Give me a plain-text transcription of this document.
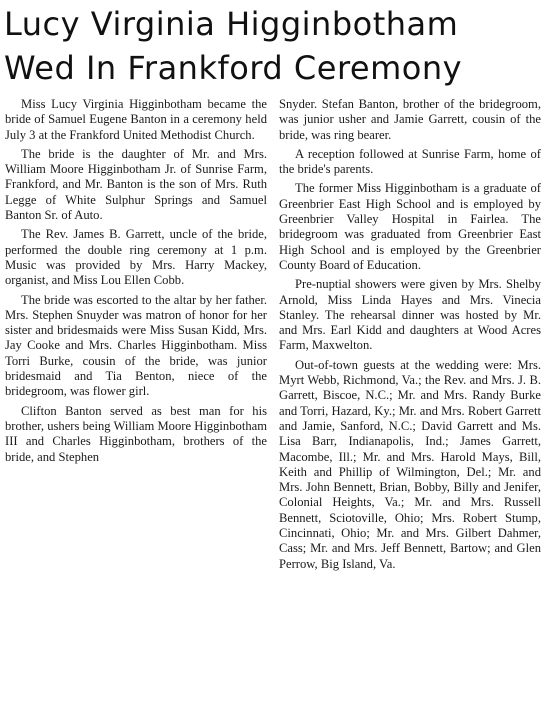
Lucy Virginia Higginbotham
Wed In Frankford Ceremony

Miss Lucy Virginia Higginbotham became the bride of Samuel Eugene Banton in a ceremony held July 3 at the Frankford United Methodist Church.

The bride is the daughter of Mr. and Mrs. William Moore Higginbotham Jr. of Sunrise Farm, Frankford, and Mr. Banton is the son of Mrs. Ruth Legge of White Sulphur Springs and Samuel Banton Sr. of Auto.

The Rev. James B. Garrett, uncle of the bride, performed the double ring ceremony at 1 p.m. Music was provided by Mrs. Harry Mackey, organist, and Miss Lou Ellen Cobb.

The bride was escorted to the altar by her father. Mrs. Stephen Snuyder was matron of honor for her sister and bridesmaids were Miss Susan Kidd, Mrs. Jay Cooke and Mrs. Charles Higginbotham. Miss Torri Burke, cousin of the bride, was junior bridesmaid and Tia Benton, niece of the bridegroom, was flower girl.

Clifton Banton served as best man for his brother, ushers being William Moore Higginbotham III and Charles Higginbotham, brothers of the bride, and Stephen

Snyder. Stefan Banton, brother of the bridegroom, was junior usher and Jamie Garrett, cousin of the bride, was ring bearer.

A reception followed at Sunrise Farm, home of the bride's parents.

The former Miss Higginbotham is a graduate of Greenbrier East High School and is employed by Greenbrier Valley Hospital in Fairlea. The bridegroom was graduated from Greenbrier East High School and is employed by the Greenbrier County Board of Education.

Pre-nuptial showers were given by Mrs. Shelby Arnold, Miss Linda Hayes and Mrs. Vinecia Stanley. The rehearsal dinner was hosted by Mr. and Mrs. Earl Kidd and daughters at Wood Acres Farm, Maxwelton.

Out-of-town guests at the wedding were: Mrs. Myrt Webb, Richmond, Va.; the Rev. and Mrs. J. B. Garrett, Biscoe, N.C.; Mr. and Mrs. Randy Burke and Torri, Hazard, Ky.; Mr. and Mrs. Robert Garrett and Jamie, Sanford, N.C.; David Garrett and Ms. Lisa Barr, Indianapolis, Ind.; James Garrett, Macombe, Ill.; Mr. and Mrs. Harold Mays, Bill, Keith and Phillip of Wilmington, Del.; Mr. and Mrs. John Bennett, Brian, Bobby, Billy and Jenifer, Colonial Heights, Va.; Mr. and Mrs. Russell Bennett, Sciotoville, Ohio; Mrs. Robert Stump, Cincinnati, Ohio; Mr. and Mrs. Gilbert Dahmer, Cass; Mr. and Mrs. Jeff Bennett, Bartow; and Glen Perrow, Big Island, Va.
